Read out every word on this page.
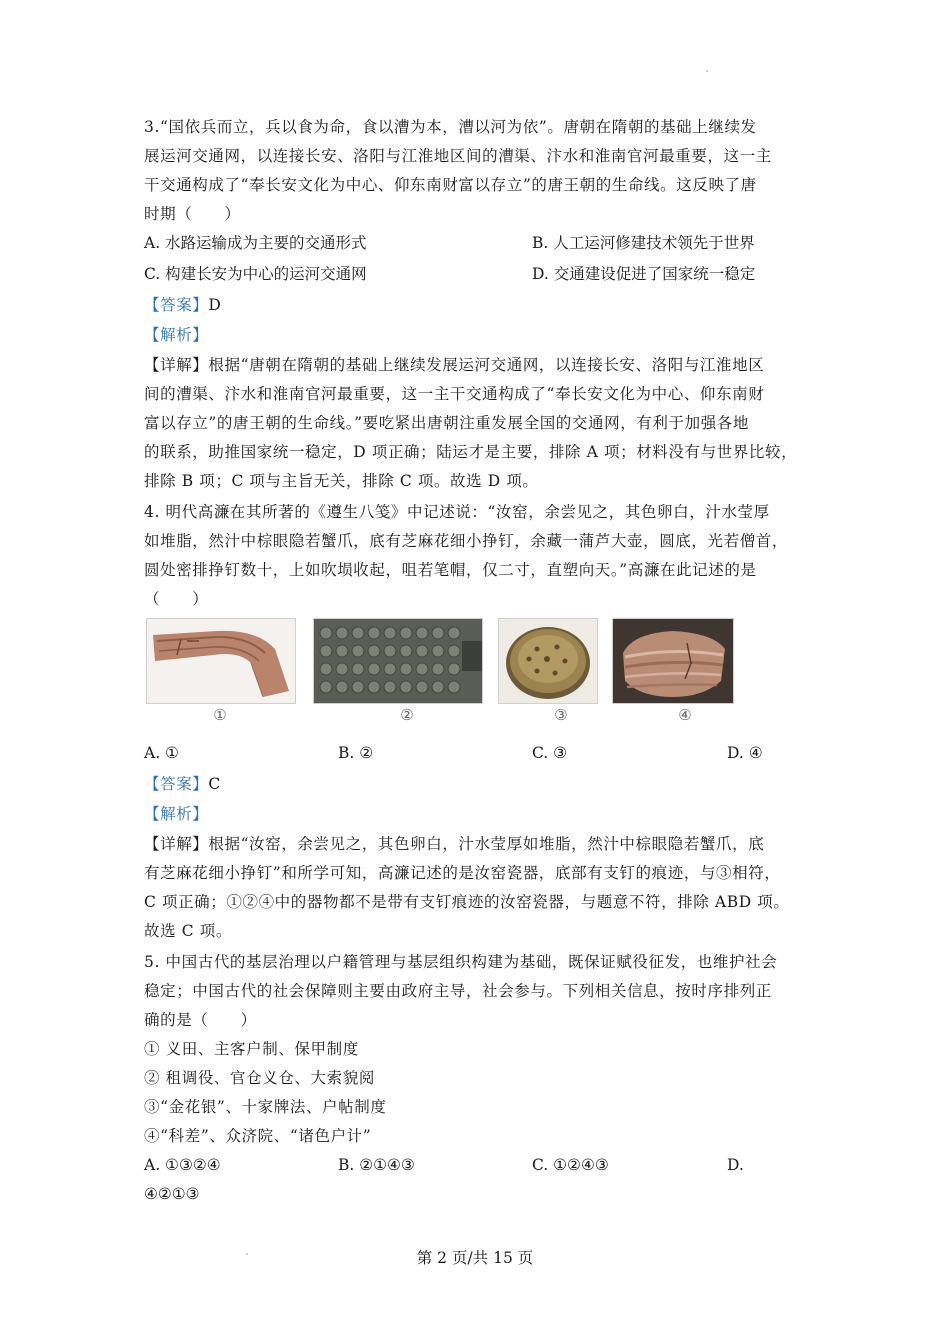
3.“国依兵而立，兵以食为命，食以漕为本，漕以河为依”。唐朝在隋朝的基础上继续发
展运河交通网，以连接长安、洛阳与江淮地区间的漕渠、汴水和淮南官河最重要，这一主
干交通构成了“奉长安文化为中心、仰东南财富以存立”的唐王朝的生命线。这反映了唐
时期（　　）
A. 水路运输成为主要的交通形式	B. 人工运河修建技术领先于世界
C. 构建长安为中心的运河交通网	D. 交通建设促进了国家统一稳定
【答案】D
【解析】
【详解】根据“唐朝在隋朝的基础上继续发展运河交通网，以连接长安、洛阳与江淮地区
间的漕渠、汴水和淮南官河最重要，这一主干交通构成了“奉长安文化为中心、仰东南财
富以存立”的唐王朝的生命线。”要吃紧出唐朝注重发展全国的交通网，有利于加强各地
的联系，助推国家统一稳定，D 项正确；陆运才是主要，排除 A 项；材料没有与世界比较，
排除 B 项；C 项与主旨无关，排除 C 项。故选 D 项。
4. 明代高濂在其所著的《遵生八笺》中记述说：“汝窑，余尝见之，其色卵白，汁水莹厚
如堆脂，然汁中棕眼隐若蟹爪，底有芝麻花细小挣钉，余藏一蒲芦大壶，圆底，光若僧首，
圆处密排挣钉数十，上如吹埙收起，咀若笔帽，仅二寸，直塑向天。”高濂在此记述的是
（　　）
①	②	③	④
A. ①	B. ②	C. ③	D. ④
【答案】C
【解析】
【详解】根据“汝窑，余尝见之，其色卵白，汁水莹厚如堆脂，然汁中棕眼隐若蟹爪，底
有芝麻花细小挣钉”和所学可知，高濂记述的是汝窑瓷器，底部有支钉的痕迹，与③相符，
C 项正确；①②④中的器物都不是带有支钉痕迹的汝窑瓷器，与题意不符，排除 ABD 项。
故选 C 项。
5. 中国古代的基层治理以户籍管理与基层组织构建为基础，既保证赋役征发，也维护社会
稳定；中国古代的社会保障则主要由政府主导，社会参与。下列相关信息，按时序排列正
确的是（　　）
① 义田、主客户制、保甲制度
② 租调役、官仓义仓、大索貌阅
③“金花银”、十家牌法、户帖制度
④“科差”、众济院、“诸色户计”
A. ①③②④	B. ②①④③	C. ①②④③	D.
④②①③
第 2 页/共 15 页
